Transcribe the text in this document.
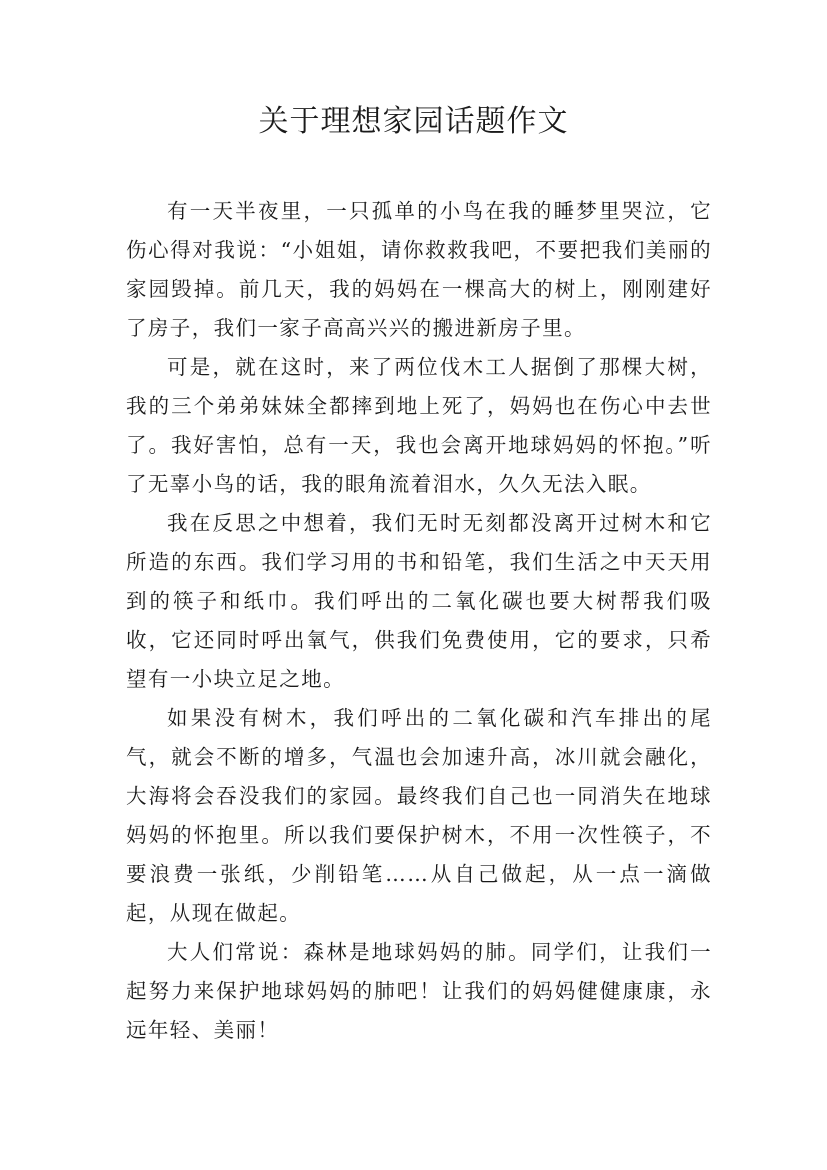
关于理想家园话题作文

有一天半夜里，一只孤单的小鸟在我的睡梦里哭泣，它伤心得对我说：“小姐姐，请你救救我吧，不要把我们美丽的家园毁掉。前几天，我的妈妈在一棵高大的树上，刚刚建好了房子，我们一家子高高兴兴的搬进新房子里。

可是，就在这时，来了两位伐木工人据倒了那棵大树，我的三个弟弟妹妹全都摔到地上死了，妈妈也在伤心中去世了。我好害怕，总有一天，我也会离开地球妈妈的怀抱。”听了无辜小鸟的话，我的眼角流着泪水，久久无法入眠。

我在反思之中想着，我们无时无刻都没离开过树木和它所造的东西。我们学习用的书和铅笔，我们生活之中天天用到的筷子和纸巾。我们呼出的二氧化碳也要大树帮我们吸收，它还同时呼出氧气，供我们免费使用，它的要求，只希望有一小块立足之地。

如果没有树木，我们呼出的二氧化碳和汽车排出的尾气，就会不断的增多，气温也会加速升高，冰川就会融化，大海将会吞没我们的家园。最终我们自己也一同消失在地球妈妈的怀抱里。所以我们要保护树木，不用一次性筷子，不要浪费一张纸，少削铅笔……从自己做起，从一点一滴做起，从现在做起。

大人们常说：森林是地球妈妈的肺。同学们，让我们一起努力来保护地球妈妈的肺吧！让我们的妈妈健健康康，永远年轻、美丽！
